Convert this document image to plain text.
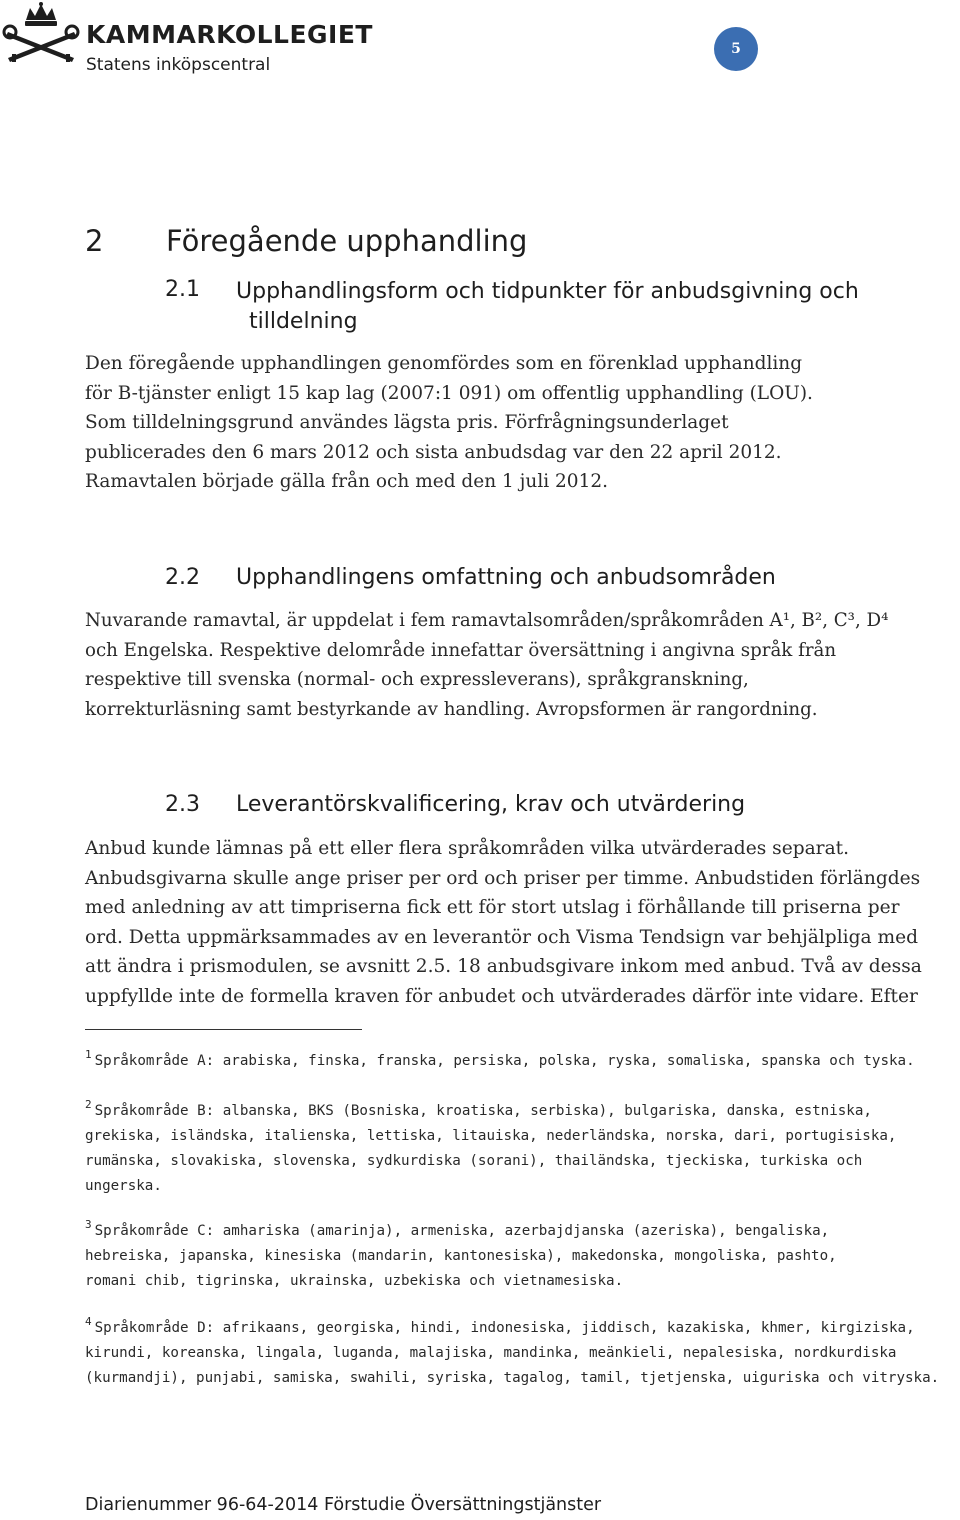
KAMMARKOLLEGIET
Statens inköpscentral
5
2 Föregående upphandling
2.1 Upphandlingsform och tidpunkter för anbudsgivning och
tilldelning
Den föregående upphandlingen genomfördes som en förenklad upphandling
för B-tjänster enligt 15 kap lag (2007:1 091) om offentlig upphandling (LOU).
Som tilldelningsgrund användes lägsta pris. Förfrågningsunderlaget
publicerades den 6 mars 2012 och sista anbudsdag var den 22 april 2012.
Ramavtalen började gälla från och med den 1 juli 2012.
2.2 Upphandlingens omfattning och anbudsområden
Nuvarande ramavtal, är uppdelat i fem ramavtalsområden/språkområden A¹, B², C³, D⁴
och Engelska. Respektive delområde innefattar översättning i angivna språk från
respektive till svenska (normal- och expressleverans), språkgranskning,
korrekturläsning samt bestyrkande av handling. Avropsformen är rangordning.
2.3 Leverantörskvalificering, krav och utvärdering
Anbud kunde lämnas på ett eller flera språkområden vilka utvärderades separat.
Anbudsgivarna skulle ange priser per ord och priser per timme. Anbudstiden förlängdes
med anledning av att timpriserna fick ett för stort utslag i förhållande till priserna per
ord. Detta uppmärksammades av en leverantör och Visma Tendsign var behjälpliga med
att ändra i prismodulen, se avsnitt 2.5. 18 anbudsgivare inkom med anbud. Två av dessa
uppfyllde inte de formella kraven för anbudet och utvärderades därför inte vidare. Efter
$^1$ Språkområde A: arabiska, finska, franska, persiska, polska, ryska, somaliska, spanska och tyska.
$^2$ Språkområde B: albanska, BKS (Bosniska, kroatiska, serbiska), bulgariska, danska, estniska,
grekiska, isländska, italienska, lettiska, litauiska, nederländska, norska, dari, portugisiska,
rumänska, slovakiska, slovenska, sydkurdiska (sorani), thailändska, tjeckiska, turkiska och
ungerska.
$^3$ Språkområde C: amhariska (amarinja), armeniska, azerbajdjanska (azeriska), bengaliska,
hebreiska, japanska, kinesiska (mandarin, kantonesiska), makedonska, mongoliska, pashto,
romani chib, tigrinska, ukrainska, uzbekiska och vietnamesiska.
$^4$ Språkområde D: afrikaans, georgiska, hindi, indonesiska, jiddisch, kazakiska, khmer, kirgiziska,
kirundi, koreanska, lingala, luganda, malajiska, mandinka, meänkieli, nepalesiska, nordkurdiska
(kurmandji), punjabi, samiska, swahili, syriska, tagalog, tamil, tjetjenska, uiguriska och vitryska.
Diarienummer 96-64-2014 Förstudie Översättningstjänster
